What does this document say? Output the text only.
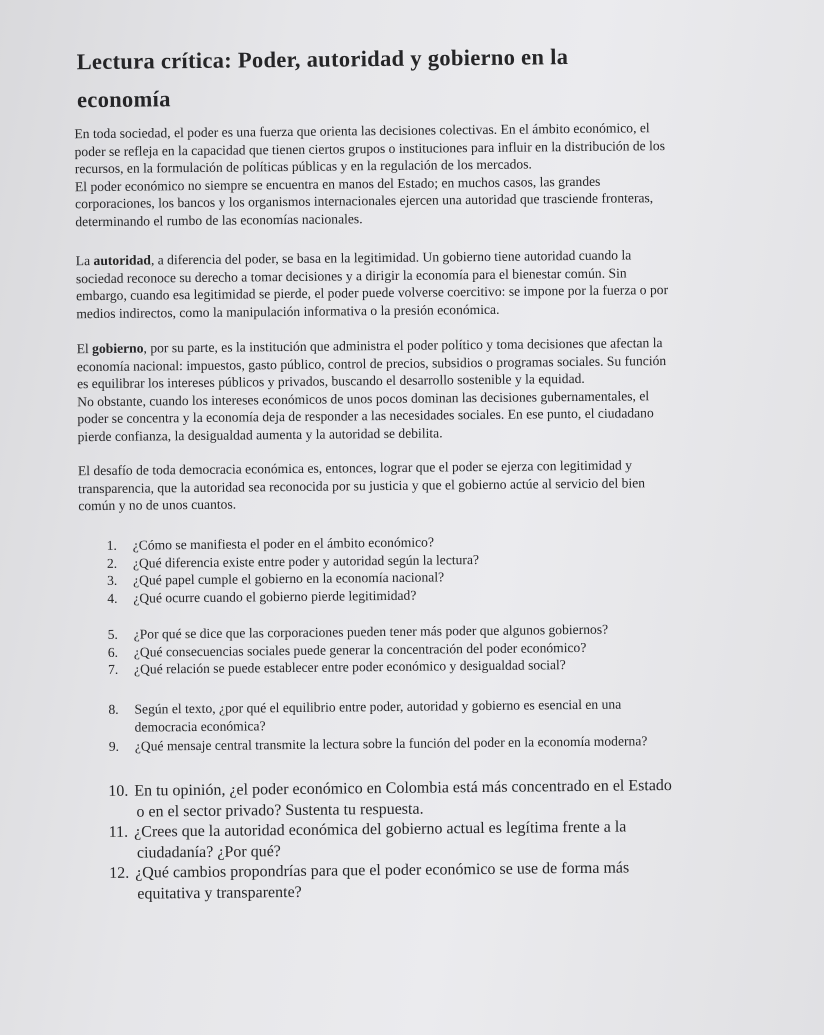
Lectura crítica: Poder, autoridad y gobierno en la
economía
En toda sociedad, el poder es una fuerza que orienta las decisiones colectivas. En el ámbito económico, el
poder se refleja en la capacidad que tienen ciertos grupos o instituciones para influir en la distribución de los
recursos, en la formulación de políticas públicas y en la regulación de los mercados.
El poder económico no siempre se encuentra en manos del Estado; en muchos casos, las grandes
corporaciones, los bancos y los organismos internacionales ejercen una autoridad que trasciende fronteras,
determinando el rumbo de las economías nacionales.
La autoridad, a diferencia del poder, se basa en la legitimidad. Un gobierno tiene autoridad cuando la
sociedad reconoce su derecho a tomar decisiones y a dirigir la economía para el bienestar común. Sin
embargo, cuando esa legitimidad se pierde, el poder puede volverse coercitivo: se impone por la fuerza o por
medios indirectos, como la manipulación informativa o la presión económica.
El gobierno, por su parte, es la institución que administra el poder político y toma decisiones que afectan la
economía nacional: impuestos, gasto público, control de precios, subsidios o programas sociales. Su función
es equilibrar los intereses públicos y privados, buscando el desarrollo sostenible y la equidad.
No obstante, cuando los intereses económicos de unos pocos dominan las decisiones gubernamentales, el
poder se concentra y la economía deja de responder a las necesidades sociales. En ese punto, el ciudadano
pierde confianza, la desigualdad aumenta y la autoridad se debilita.
El desafío de toda democracia económica es, entonces, lograr que el poder se ejerza con legitimidad y
transparencia, que la autoridad sea reconocida por su justicia y que el gobierno actúe al servicio del bien
común y no de unos cuantos.
1. ¿Cómo se manifiesta el poder en el ámbito económico?
2. ¿Qué diferencia existe entre poder y autoridad según la lectura?
3. ¿Qué papel cumple el gobierno en la economía nacional?
4. ¿Qué ocurre cuando el gobierno pierde legitimidad?
5. ¿Por qué se dice que las corporaciones pueden tener más poder que algunos gobiernos?
6. ¿Qué consecuencias sociales puede generar la concentración del poder económico?
7. ¿Qué relación se puede establecer entre poder económico y desigualdad social?
8. Según el texto, ¿por qué el equilibrio entre poder, autoridad y gobierno es esencial en una
democracia económica?
9. ¿Qué mensaje central transmite la lectura sobre la función del poder en la economía moderna?
10. En tu opinión, ¿el poder económico en Colombia está más concentrado en el Estado
o en el sector privado? Sustenta tu respuesta.
11. ¿Crees que la autoridad económica del gobierno actual es legítima frente a la
ciudadanía? ¿Por qué?
12. ¿Qué cambios propondrías para que el poder económico se use de forma más
equitativa y transparente?
